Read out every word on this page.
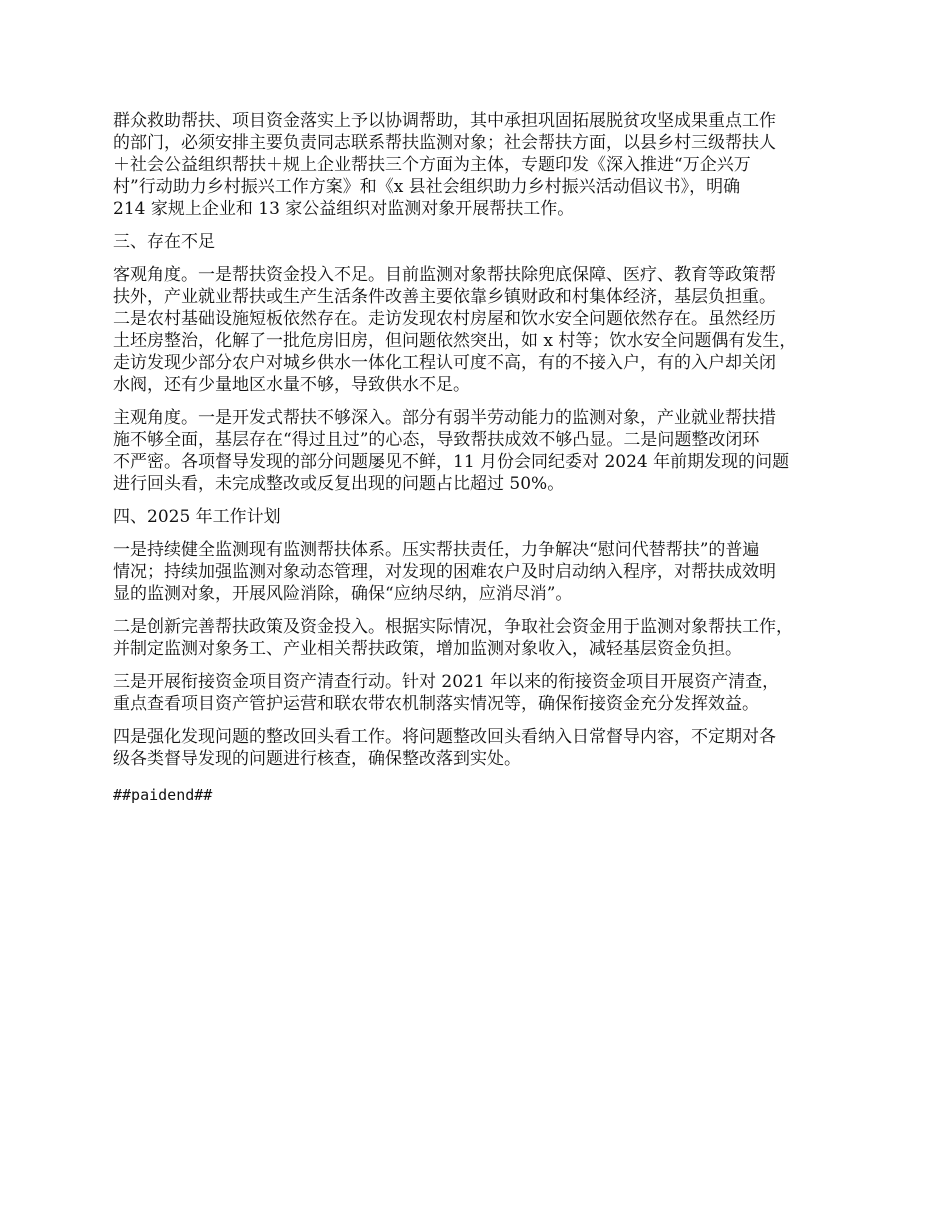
群众救助帮扶、项目资金落实上予以协调帮助，其中承担巩固拓展脱贫攻坚成果重点工作
的部门，必须安排主要负责同志联系帮扶监测对象；社会帮扶方面，以县乡村三级帮扶人
＋社会公益组织帮扶＋规上企业帮扶三个方面为主体，专题印发《深入推进“万企兴万
村”行动助力乡村振兴工作方案》和《x 县社会组织助力乡村振兴活动倡议书》，明确
214 家规上企业和 13 家公益组织对监测对象开展帮扶工作。

三、存在不足

客观角度。一是帮扶资金投入不足。目前监测对象帮扶除兜底保障、医疗、教育等政策帮
扶外，产业就业帮扶或生产生活条件改善主要依靠乡镇财政和村集体经济，基层负担重。
二是农村基础设施短板依然存在。走访发现农村房屋和饮水安全问题依然存在。虽然经历
土坯房整治，化解了一批危房旧房，但问题依然突出，如 x 村等；饮水安全问题偶有发生，
走访发现少部分农户对城乡供水一体化工程认可度不高，有的不接入户，有的入户却关闭
水阀，还有少量地区水量不够，导致供水不足。

主观角度。一是开发式帮扶不够深入。部分有弱半劳动能力的监测对象，产业就业帮扶措
施不够全面，基层存在“得过且过”的心态，导致帮扶成效不够凸显。二是问题整改闭环
不严密。各项督导发现的部分问题屡见不鲜，11 月份会同纪委对 2024 年前期发现的问题
进行回头看，未完成整改或反复出现的问题占比超过 50%。

四、2025 年工作计划

一是持续健全监测现有监测帮扶体系。压实帮扶责任，力争解决“慰问代替帮扶”的普遍
情况；持续加强监测对象动态管理，对发现的困难农户及时启动纳入程序，对帮扶成效明
显的监测对象，开展风险消除，确保“应纳尽纳，应消尽消”。

二是创新完善帮扶政策及资金投入。根据实际情况，争取社会资金用于监测对象帮扶工作，
并制定监测对象务工、产业相关帮扶政策，增加监测对象收入，减轻基层资金负担。

三是开展衔接资金项目资产清查行动。针对 2021 年以来的衔接资金项目开展资产清查，
重点查看项目资产管护运营和联农带农机制落实情况等，确保衔接资金充分发挥效益。

四是强化发现问题的整改回头看工作。将问题整改回头看纳入日常督导内容，不定期对各
级各类督导发现的问题进行核查，确保整改落到实处。

##paidend##
